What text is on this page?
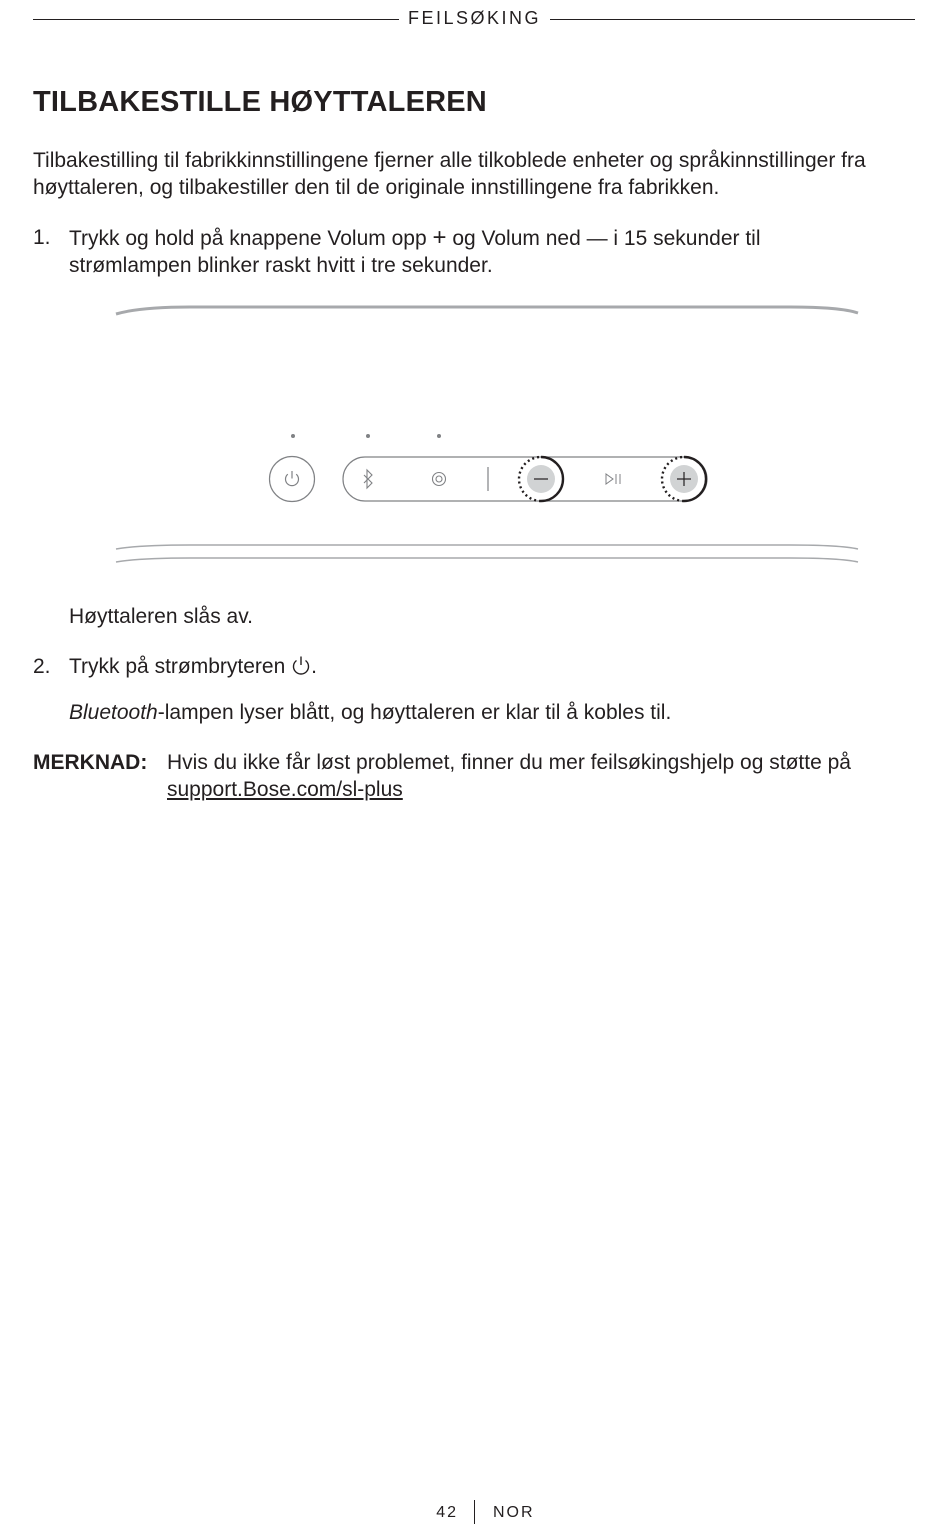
FEILSØKING
TILBAKESTILLE HØYTTALEREN
Tilbakestilling til fabrikkinnstillingene fjerner alle tilkoblede enheter og språkinnstillinger fra høyttaleren, og tilbakestiller den til de originale innstillingene fra fabrikken.
1. Trykk og hold på knappene Volum opp + og Volum ned — i 15 sekunder til strømlampen blinker raskt hvitt i tre sekunder.
Høyttaleren slås av.
2. Trykk på strømbryteren .
Bluetooth-lampen lyser blått, og høyttaleren er klar til å kobles til.
MERKNAD: Hvis du ikke får løst problemet, finner du mer feilsøkingshjelp og støtte på support.Bose.com/sl-plus
42 NOR
